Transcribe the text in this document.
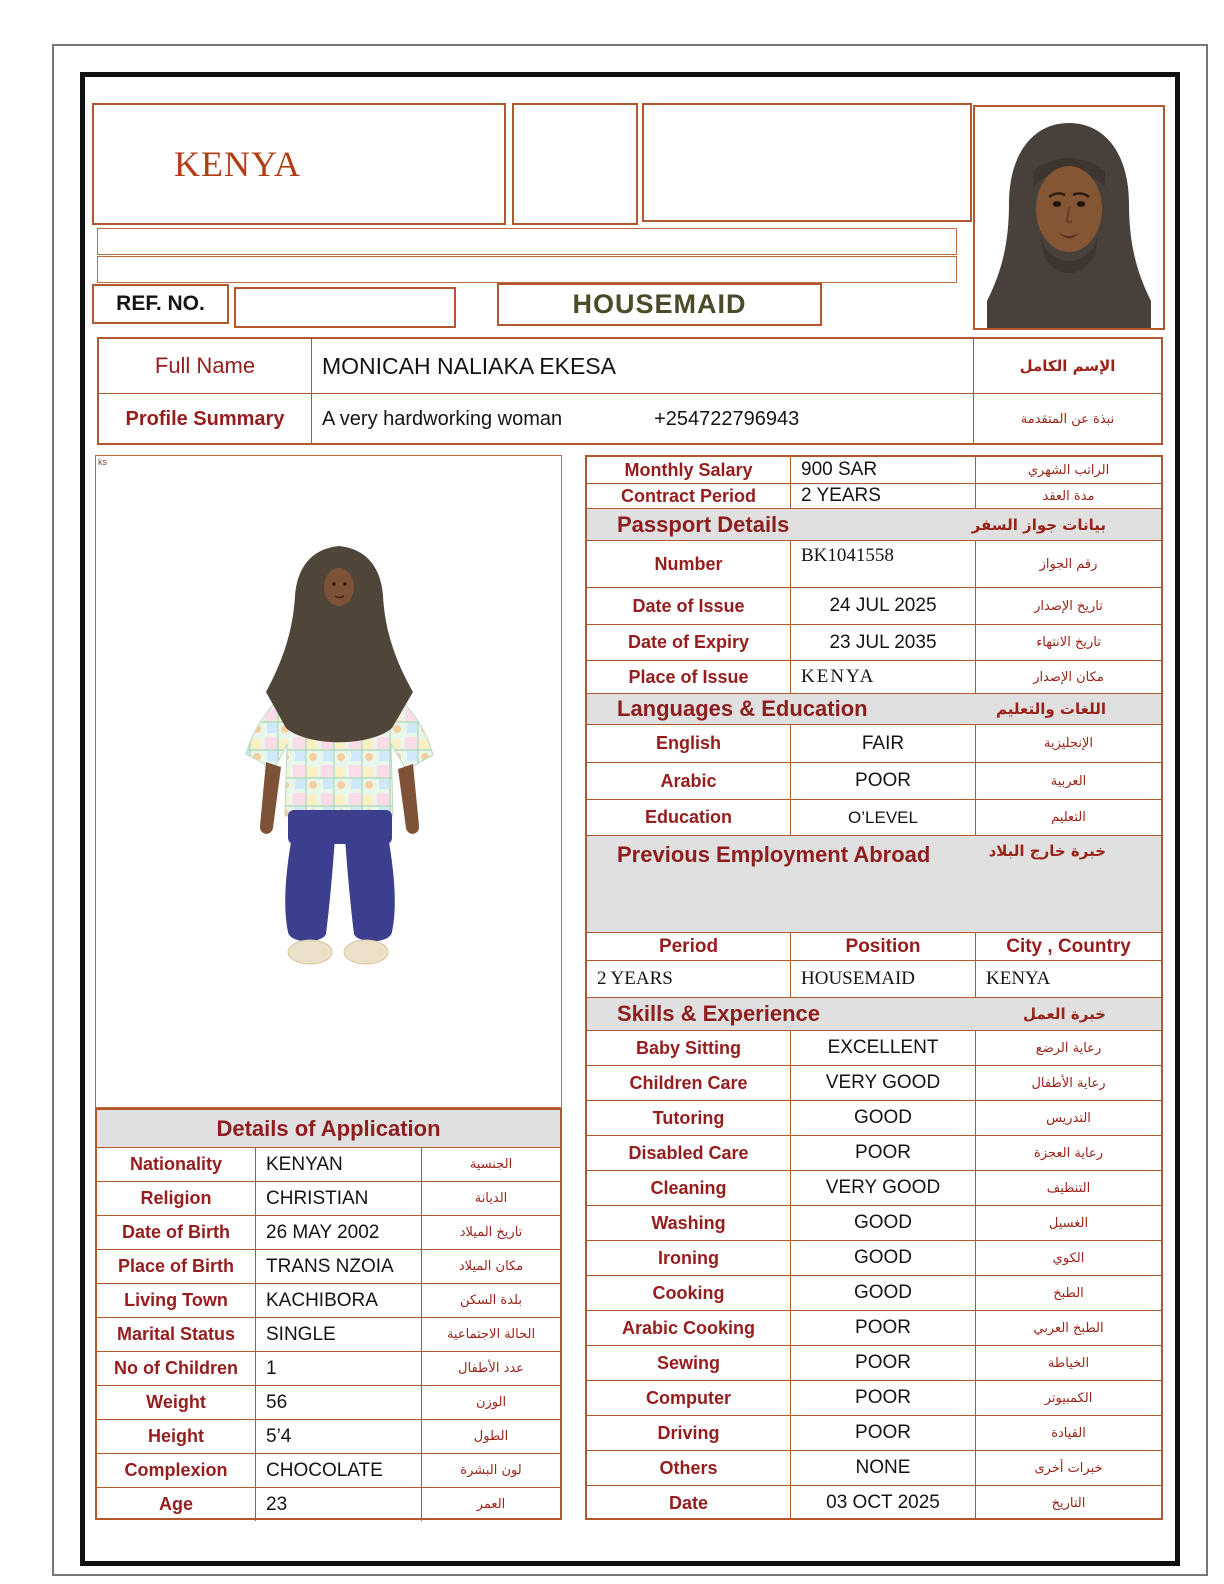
KENYA
REF. NO.	HOUSEMAID
Full Name	MONICAH NALIAKA EKESA	الإسم الكامل
Profile Summary	A very hardworking woman	+254722796943	نبذة عن المتقدمة
ks
Details of Application
Nationality	KENYAN	الجنسية
Religion	CHRISTIAN	الديانة
Date of Birth	26 MAY 2002	تاريخ الميلاد
Place of Birth	TRANS NZOIA	مكان الميلاد
Living Town	KACHIBORA	بلدة السكن
Marital Status	SINGLE	الحالة الاجتماعية
No of Children	1	عدد الأطفال
Weight	56	الوزن
Height	5’4	الطول
Complexion	CHOCOLATE	لون البشرة
Age	23	العمر
Monthly Salary	900 SAR	الراتب الشهري
Contract Period	2 YEARS	مدة العقد
Passport Details	بيانات جواز السفر
Number	BK1041558	رقم الجواز
Date of Issue	24 JUL 2025	تاريخ الإصدار
Date of Expiry	23 JUL 2035	تاريخ الانتهاء
Place of Issue	KENYA	مكان الإصدار
Languages & Education	اللغات والتعليم
English	FAIR	الإنجليزية
Arabic	POOR	العربية
Education	O’LEVEL	التعليم
Previous Employment Abroad	خبرة خارج البلاد
Period	Position	City , Country
2 YEARS	HOUSEMAID	KENYA
Skills & Experience	خبرة العمل
Baby Sitting	EXCELLENT	رعاية الرضع
Children Care	VERY GOOD	رعاية الأطفال
Tutoring	GOOD	التدريس
Disabled Care	POOR	رعاية العجزة
Cleaning	VERY GOOD	التنظيف
Washing	GOOD	الغسيل
Ironing	GOOD	الكوي
Cooking	GOOD	الطبخ
Arabic Cooking	POOR	الطبخ العربي
Sewing	POOR	الخياطة
Computer	POOR	الكمبيوتر
Driving	POOR	القيادة
Others	NONE	خبرات أخرى
Date	03 OCT 2025	التاريخ
